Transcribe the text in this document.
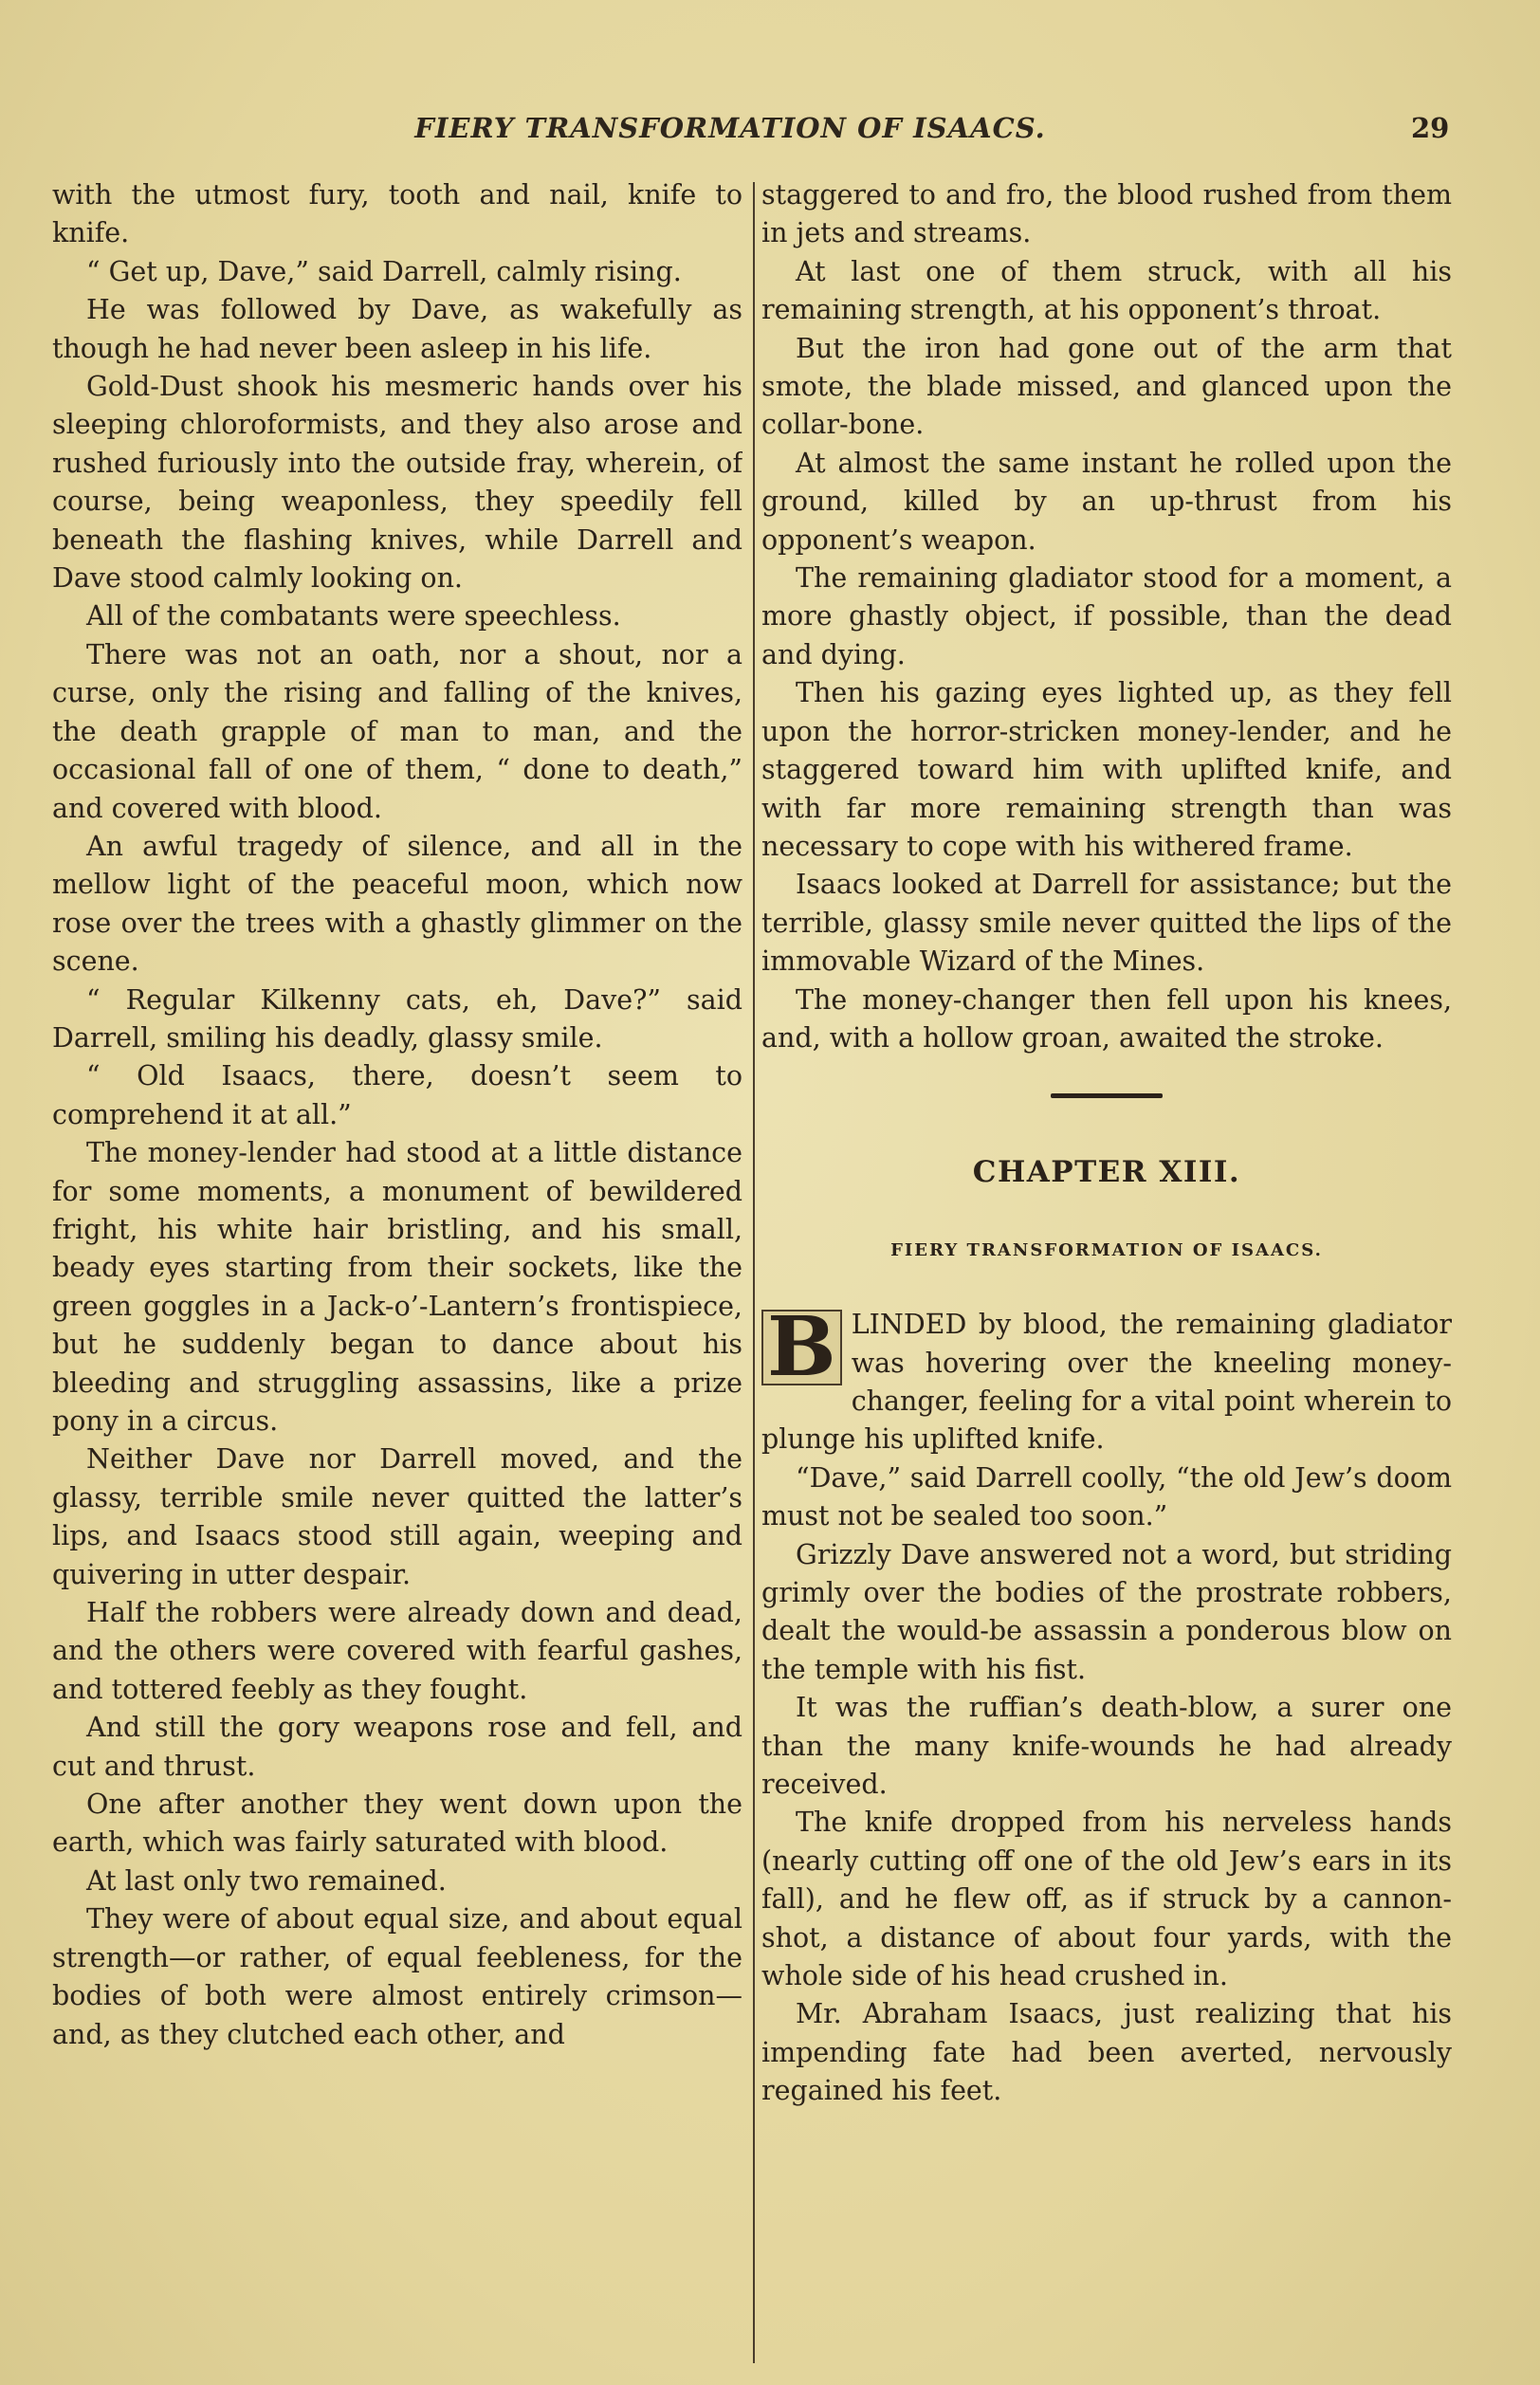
FIERY TRANSFORMATION OF ISAACS.	29

with the utmost fury, tooth and nail, knife to knife.

“ Get up, Dave,” said Darrell, calmly rising.

He was followed by Dave, as wakefully as though he had never been asleep in his life.

Gold-Dust shook his mesmeric hands over his sleeping chloroformists, and they also arose and rushed furiously into the outside fray, wherein, of course, being weaponless, they speedily fell beneath the flashing knives, while Darrell and Dave stood calmly looking on.

All of the combatants were speechless.

There was not an oath, nor a shout, nor a curse, only the rising and falling of the knives, the death grapple of man to man, and the occasional fall of one of them, “ done to death,” and covered with blood.

An awful tragedy of silence, and all in the mellow light of the peaceful moon, which now rose over the trees with a ghastly glimmer on the scene.

“ Regular Kilkenny cats, eh, Dave?” said Darrell, smiling his deadly, glassy smile.

“ Old Isaacs, there, doesn’t seem to comprehend it at all.”

The money-lender had stood at a little distance for some moments, a monument of bewildered fright, his white hair bristling, and his small, beady eyes starting from their sockets, like the green goggles in a Jack-o’-Lantern’s frontispiece, but he suddenly began to dance about his bleeding and struggling assassins, like a prize pony in a circus.

Neither Dave nor Darrell moved, and the glassy, terrible smile never quitted the latter’s lips, and Isaacs stood still again, weeping and quivering in utter despair.

Half the robbers were already down and dead, and the others were covered with fearful gashes, and tottered feebly as they fought.

And still the gory weapons rose and fell, and cut and thrust.

One after another they went down upon the earth, which was fairly saturated with blood.

At last only two remained.

They were of about equal size, and about equal strength—or rather, of equal feebleness, for the bodies of both were almost entirely crimson—and, as they clutched each other, and

staggered to and fro, the blood rushed from them in jets and streams.

At last one of them struck, with all his remaining strength, at his opponent’s throat.

But the iron had gone out of the arm that smote, the blade missed, and glanced upon the collar-bone.

At almost the same instant he rolled upon the ground, killed by an up-thrust from his opponent’s weapon.

The remaining gladiator stood for a moment, a more ghastly object, if possible, than the dead and dying.

Then his gazing eyes lighted up, as they fell upon the horror-stricken money-lender, and he staggered toward him with uplifted knife, and with far more remaining strength than was necessary to cope with his withered frame.

Isaacs looked at Darrell for assistance; but the terrible, glassy smile never quitted the lips of the immovable Wizard of the Mines.

The money-changer then fell upon his knees, and, with a hollow groan, awaited the stroke.

CHAPTER XIII.
FIERY TRANSFORMATION OF ISAACS.

B LINDED by blood, the remaining gladiator was hovering over the kneeling money-changer, feeling for a vital point wherein to plunge his uplifted knife.

“Dave,” said Darrell coolly, “the old Jew’s doom must not be sealed too soon.”

Grizzly Dave answered not a word, but striding grimly over the bodies of the prostrate robbers, dealt the would-be assassin a ponderous blow on the temple with his fist.

It was the ruffian’s death-blow, a surer one than the many knife-wounds he had already received.

The knife dropped from his nerveless hands (nearly cutting off one of the old Jew’s ears in its fall), and he flew off, as if struck by a cannon-shot, a distance of about four yards, with the whole side of his head crushed in.

Mr. Abraham Isaacs, just realizing that his impending fate had been averted, nervously regained his feet.
